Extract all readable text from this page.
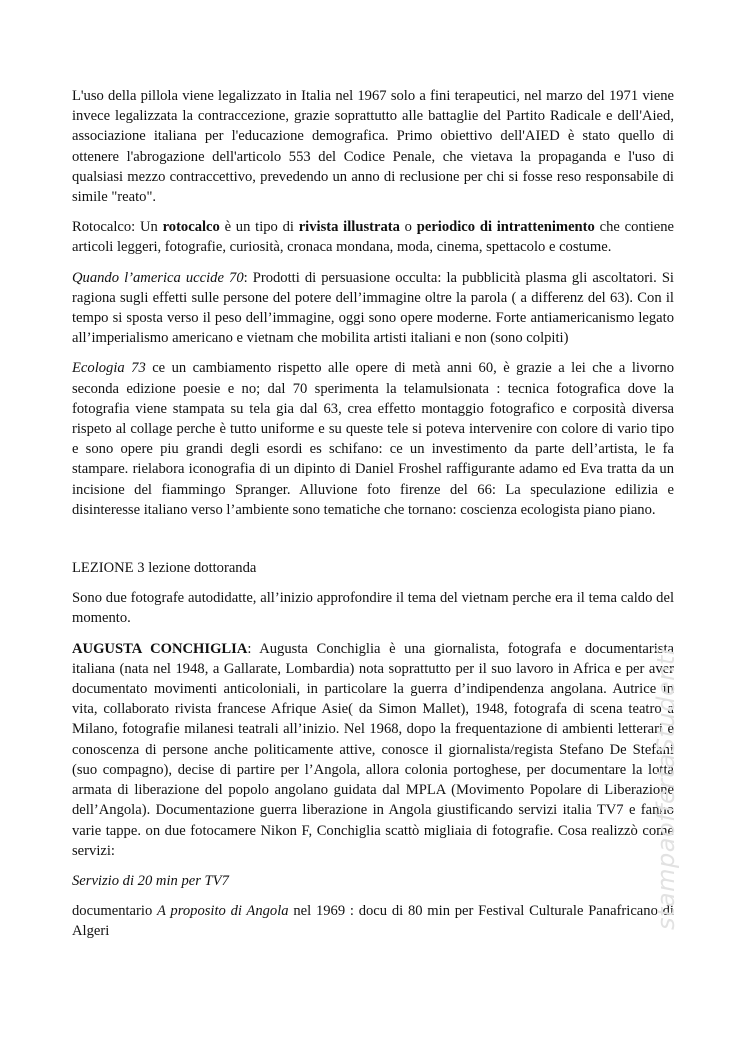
L'uso della pillola viene legalizzato in Italia nel 1967 solo a fini terapeutici, nel marzo del 1971 viene invece legalizzata la contraccezione, grazie soprattutto alle battaglie del Partito Radicale e dell'Aied, associazione italiana per l'educazione demografica. Primo obiettivo dell'AIED è stato quello di ottenere l'abrogazione dell'articolo 553 del Codice Penale, che vietava la propaganda e l'uso di qualsiasi mezzo contraccettivo, prevedendo un anno di reclusione per chi si fosse reso responsabile di simile "reato".

Rotocalco: Un rotocalco è un tipo di rivista illustrata o periodico di intrattenimento che contiene articoli leggeri, fotografie, curiosità, cronaca mondana, moda, cinema, spettacolo e costume.

Quando l’america uccide 70: Prodotti di persuasione occulta: la pubblicità plasma gli ascoltatori. Si ragiona sugli effetti sulle persone del potere dell’immagine oltre la parola ( a differenz del 63). Con il tempo si sposta verso il peso dell’immagine, oggi sono opere moderne. Forte antiamericanismo legato all’imperialismo americano e vietnam che mobilita artisti italiani e non (sono colpiti)

Ecologia 73 ce un cambiamento rispetto alle opere di metà anni 60, è grazie a lei che a livorno seconda edizione poesie e no; dal 70 sperimenta la telamulsionata : tecnica fotografica dove la fotografia viene stampata su tela gia dal 63, crea effetto montaggio fotografico e corposità diversa rispeto al collage perche è tutto uniforme e su queste tele si poteva intervenire con colore di vario tipo e sono opere piu grandi degli esordi es schifano: ce un investimento da parte dell’artista, le fa stampare. rielabora iconografia di un dipinto di Daniel Froshel raffigurante adamo ed Eva tratta da un incisione del fiammingo Spranger. Alluvione foto firenze del 66: La speculazione edilizia e disinteresse italiano verso l’ambiente sono tematiche che tornano: coscienza ecologista piano piano.

LEZIONE 3 lezione dottoranda

Sono due fotografe autodidatte, all’inizio approfondire il tema del vietnam perche era il tema caldo del momento.

AUGUSTA CONCHIGLIA: Augusta Conchiglia è una giornalista, fotografa e documentarista italiana (nata nel 1948, a Gallarate, Lombardia) nota soprattutto per il suo lavoro in Africa e per aver documentato movimenti anticoloniali, in particolare la guerra d’indipendenza angolana. Autrice in vita, collaborato rivista francese Afrique Asie( da Simon Mallet), 1948, fotografa di scena teatro a Milano, fotografie milanesi teatrali all’inizio. Nel 1968, dopo la frequentazione di ambienti letterari e conoscenza di persone anche politicamente attive, conosce il giornalista/regista Stefano De Stefani (suo compagno), decise di partire per l’Angola, allora colonia portoghese, per documentare la lotta armata di liberazione del popolo angolano guidata dal MPLA (Movimento Popolare di Liberazione dell’Angola). Documentazione guerra liberazione in Angola giustificando servizi italia TV7 e fanno varie tappe. on due fotocamere Nikon F, Conchiglia scattò migliaia di fotografie. Cosa realizzò come servizi:

Servizio di 20 min per TV7

documentario A proposito di Angola nel 1969 : docu di 80 min per Festival Culturale Panafricano di Algeri

stampaoffertaStudenti
